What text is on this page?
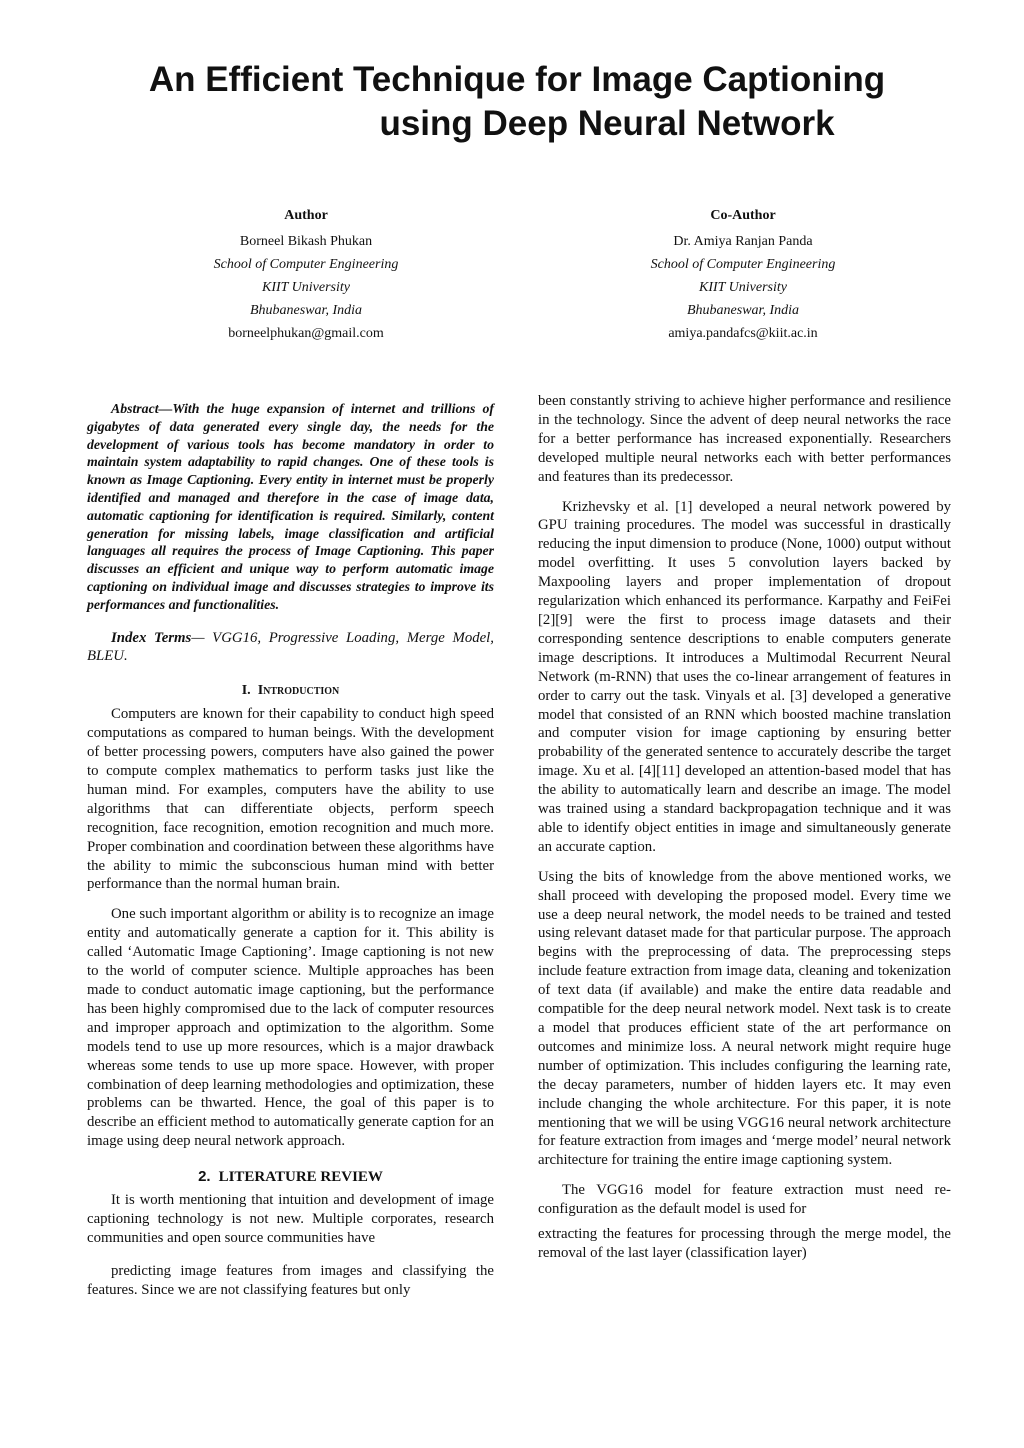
An Efficient Technique for Image Captioning
using Deep Neural Network
Author
Borneel Bikash Phukan
School of Computer Engineering
KIIT University
Bhubaneswar, India
borneelphukan@gmail.com
Co-Author
Dr. Amiya Ranjan Panda
School of Computer Engineering
KIIT University
Bhubaneswar, India
amiya.pandafcs@kiit.ac.in

Abstract—With the huge expansion of internet and trillions of gigabytes of data generated every single day, the needs for the development of various tools has become mandatory in order to maintain system adaptability to rapid changes. One of these tools is known as Image Captioning. Every entity in internet must be properly identified and managed and therefore in the case of image data, automatic captioning for identification is required. Similarly, content generation for missing labels, image classification and artificial languages all requires the process of Image Captioning. This paper discusses an efficient and unique way to perform automatic image captioning on individual image and discusses strategies to improve its performances and functionalities.

Index Terms— VGG16, Progressive Loading, Merge Model, BLEU.

I. Introduction

Computers are known for their capability to conduct high speed computations as compared to human beings. With the development of better processing powers, computers have also gained the power to compute complex mathematics to perform tasks just like the human mind. For examples, computers have the ability to use algorithms that can differentiate objects, perform speech recognition, face recognition, emotion recognition and much more. Proper combination and coordination between these algorithms have the ability to mimic the subconscious human mind with better performance than the normal human brain.

One such important algorithm or ability is to recognize an image entity and automatically generate a caption for it. This ability is called ‘Automatic Image Captioning’. Image captioning is not new to the world of computer science. Multiple approaches has been made to conduct automatic image captioning, but the performance has been highly compromised due to the lack of computer resources and improper approach and optimization to the algorithm. Some models tend to use up more resources, which is a major drawback whereas some tends to use up more space. However, with proper combination of deep learning methodologies and optimization, these problems can be thwarted. Hence, the goal of this paper is to describe an efficient method to automatically generate caption for an image using deep neural network approach.

2. LITERATURE REVIEW

It is worth mentioning that intuition and development of image captioning technology is not new. Multiple corporates, research communities and open source communities have

predicting image features from images and classifying the features. Since we are not classifying features but only

been constantly striving to achieve higher performance and resilience in the technology. Since the advent of deep neural networks the race for a better performance has increased exponentially. Researchers developed multiple neural networks each with better performances and features than its predecessor.

Krizhevsky et al. [1] developed a neural network powered by GPU training procedures. The model was successful in drastically reducing the input dimension to produce (None, 1000) output without model overfitting. It uses 5 convolution layers backed by Maxpooling layers and proper implementation of dropout regularization which enhanced its performance. Karpathy and FeiFei [2][9] were the first to process image datasets and their corresponding sentence descriptions to enable computers generate image descriptions. It introduces a Multimodal Recurrent Neural Network (m-RNN) that uses the co-linear arrangement of features in order to carry out the task. Vinyals et al. [3] developed a generative model that consisted of an RNN which boosted machine translation and computer vision for image captioning by ensuring better probability of the generated sentence to accurately describe the target image. Xu et al. [4][11] developed an attention-based model that has the ability to automatically learn and describe an image. The model was trained using a standard backpropagation technique and it was able to identify object entities in image and simultaneously generate an accurate caption.

Using the bits of knowledge from the above mentioned works, we shall proceed with developing the proposed model. Every time we use a deep neural network, the model needs to be trained and tested using relevant dataset made for that particular purpose. The approach begins with the preprocessing of data. The preprocessing steps include feature extraction from image data, cleaning and tokenization of text data (if available) and make the entire data readable and compatible for the deep neural network model. Next task is to create a model that produces efficient state of the art performance on outcomes and minimize loss. A neural network might require huge number of optimization. This includes configuring the learning rate, the decay parameters, number of hidden layers etc. It may even include changing the whole architecture. For this paper, it is note mentioning that we will be using VGG16 neural network architecture for feature extraction from images and ‘merge model’ neural network architecture for training the entire image captioning system.

The VGG16 model for feature extraction must need re-configuration as the default model is used for

extracting the features for processing through the merge model, the removal of the last layer (classification layer)
